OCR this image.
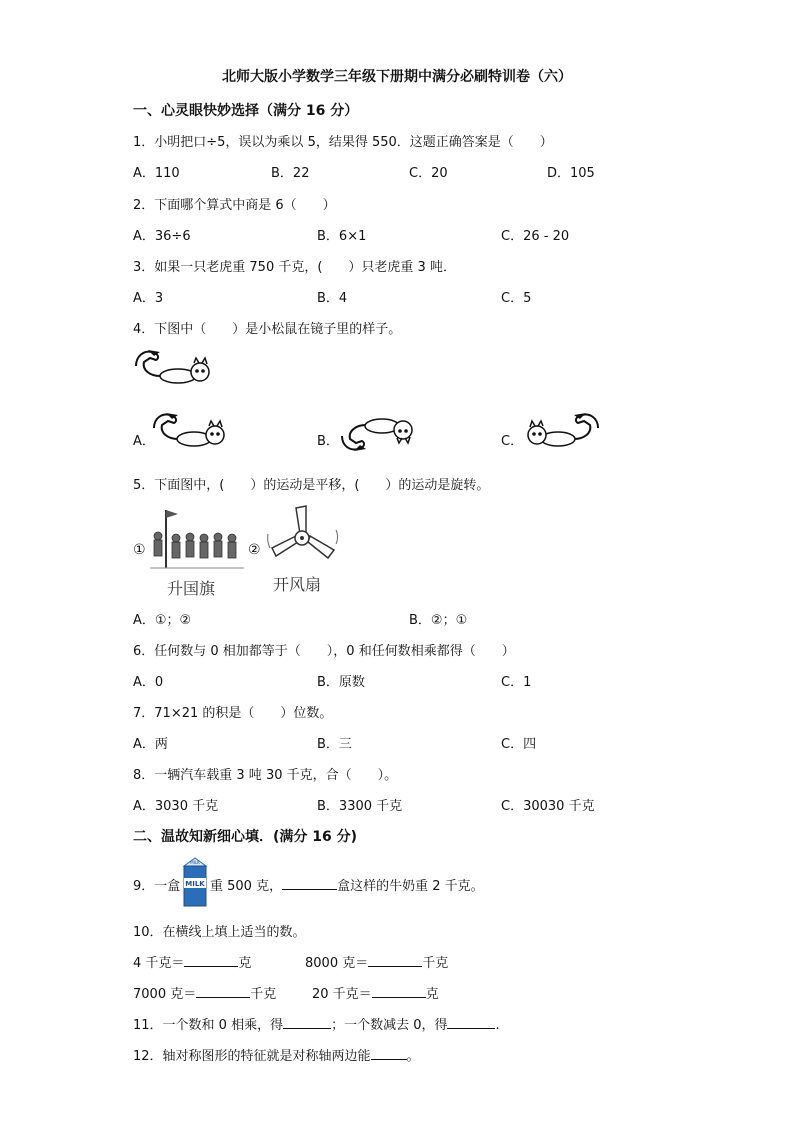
北师大版小学数学三年级下册期中满分必刷特训卷（六）
一、心灵眼快妙选择（满分 16 分）
1．小明把口÷5，误以为乘以 5，结果得 550．这题正确答案是（　　）
A．110	B．22	C．20	D．105
2．下面哪个算式中商是 6（　　）
A．36÷6	B．6×1	C．26 - 20
3．如果一只老虎重 750 千克，(　　）只老虎重 3 吨．
A．3	B．4	C．5
4．下图中（　　）是小松鼠在镜子里的样子。
A．	B．	C．
5．下面图中，(　　）的运动是平移，(　　）的运动是旋转。
①
升国旗
②
开风扇
A．①；②	B．②；①
6．任何数与 0 相加都等于（　　），0 和任何数相乘都得（　　）
A．0	B．原数	C．1
7．71×21 的积是（　　）位数。
A．两	B．三	C．四
8．一辆汽车载重 3 吨 30 千克，合（　　）。
A．3030 千克	B．3300 千克	C．30030 千克
二、温故知新细心填．(满分 16 分)
9．一盒 MILK
MILK
重 500 克，	盒这样的牛奶重 2 千克。
10．在横线上填上适当的数。
4 千克＝	克	8000 克＝	千克
7000 克＝	千克	20 千克＝	克
11．一个数和 0 相乘，得	；一个数减去 0，得	.
12．轴对称图形的特征就是对称轴两边能	。
